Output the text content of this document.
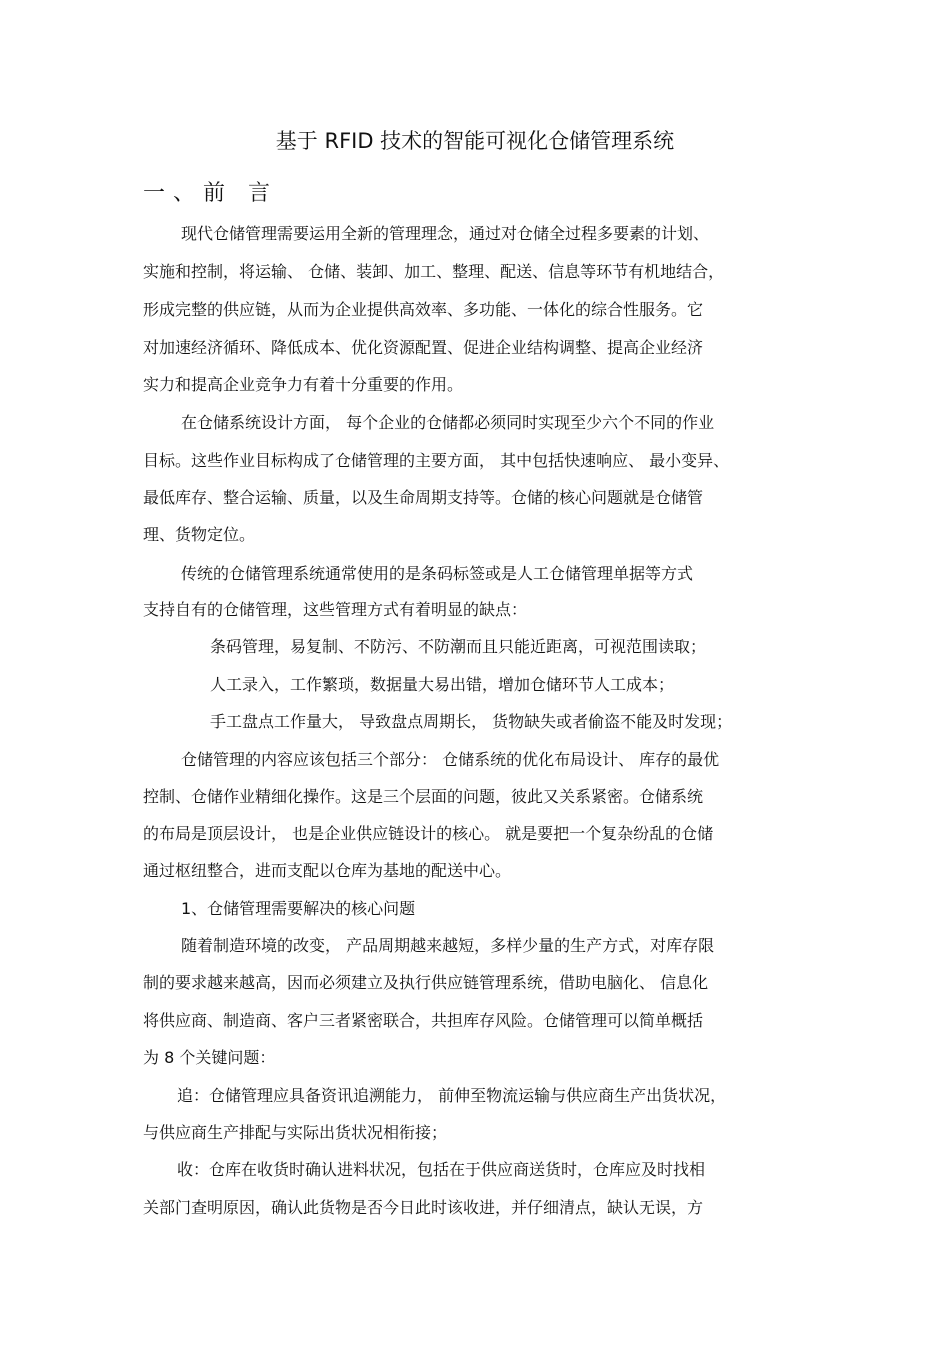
基于 RFID 技术的智能可视化仓储管理系统
一、前 言
现代仓储管理需要运用全新的管理理念，通过对仓储全过程多要素的计划、
实施和控制，将运输、 仓储、装卸、加工、整理、配送、信息等环节有机地结合，
形成完整的供应链，从而为企业提供高效率、多功能、一体化的综合性服务。它
对加速经济循环、降低成本、优化资源配置、促进企业结构调整、提高企业经济
实力和提高企业竞争力有着十分重要的作用。
在仓储系统设计方面， 每个企业的仓储都必须同时实现至少六个不同的作业
目标。这些作业目标构成了仓储管理的主要方面， 其中包括快速响应、 最小变异、
最低库存、整合运输、质量，以及生命周期支持等。仓储的核心问题就是仓储管
理、货物定位。
传统的仓储管理系统通常使用的是条码标签或是人工仓储管理单据等方式
支持自有的仓储管理，这些管理方式有着明显的缺点：
条码管理，易复制、不防污、不防潮而且只能近距离，可视范围读取；
人工录入，工作繁琐，数据量大易出错，增加仓储环节人工成本；
手工盘点工作量大， 导致盘点周期长， 货物缺失或者偷盗不能及时发现；
仓储管理的内容应该包括三个部分： 仓储系统的优化布局设计、 库存的最优
控制、仓储作业精细化操作。这是三个层面的问题，彼此又关系紧密。仓储系统
的布局是顶层设计， 也是企业供应链设计的核心。 就是要把一个复杂纷乱的仓储
通过枢纽整合，进而支配以仓库为基地的配送中心。
1、仓储管理需要解决的核心问题
随着制造环境的改变， 产品周期越来越短，多样少量的生产方式，对库存限
制的要求越来越高，因而必须建立及执行供应链管理系统，借助电脑化、 信息化
将供应商、制造商、客户三者紧密联合，共担库存风险。仓储管理可以简单概括
为 8 个关键问题：
追：仓储管理应具备资讯追溯能力， 前伸至物流运输与供应商生产出货状况，
与供应商生产排配与实际出货状况相衔接；
收：仓库在收货时确认进料状况，包括在于供应商送货时，仓库应及时找相
关部门查明原因，确认此货物是否今日此时该收进，并仔细清点，缺认无误，方
